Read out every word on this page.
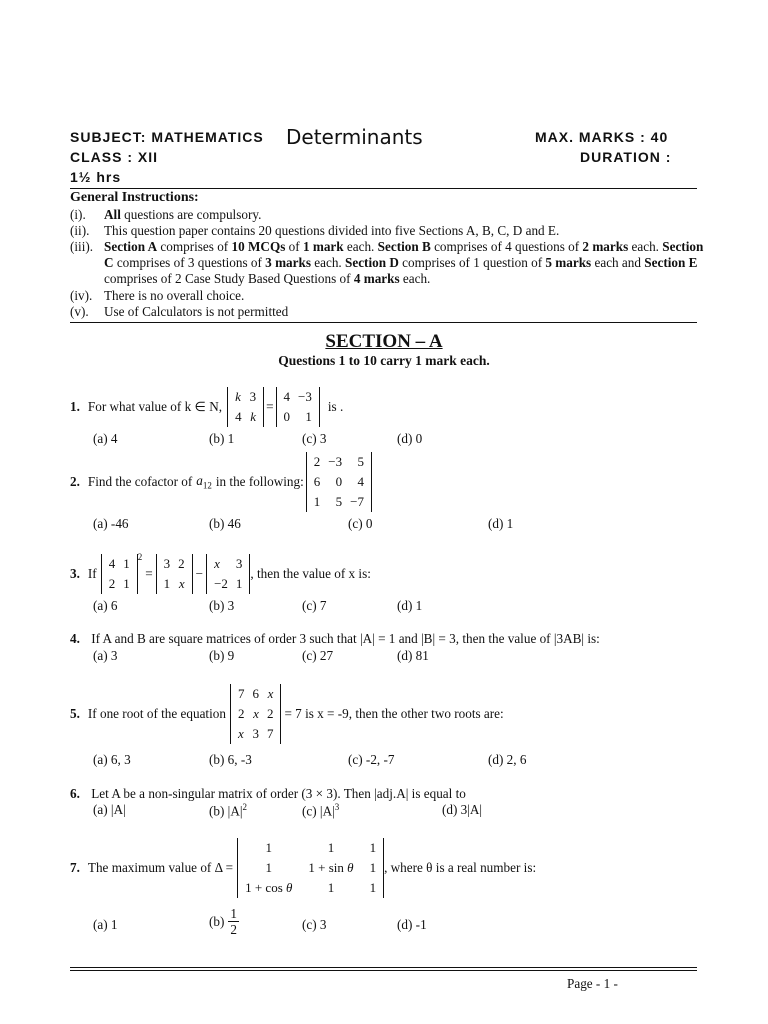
SUBJECT: MATHEMATICS Determinants	MAX. MARKS : 40
CLASS : XII	DURATION :
1½ hrs
General Instructions:
(i). All questions are compulsory.
(ii). This question paper contains 20 questions divided into five Sections A, B, C, D and E.
(iii). Section A comprises of 10 MCQs of 1 mark each. Section B comprises of 4 questions of 2 marks each. Section C comprises of 3 questions of 3 marks each. Section D comprises of 1 question of 5 marks each and Section E comprises of 2 Case Study Based Questions of 4 marks each.
(iv). There is no overall choice.
(v). Use of Calculators is not permitted
SECTION – A
Questions 1 to 10 carry 1 mark each.
1. For what value of k ∈ N,
k	3
4	k
=
4	−3
0	1
is .
(a) 4	(b) 1	(c) 3	(d) 0
2. Find the cofactor of $a_{12}$ in the following:
2	−3	5
6	0	4
1	5	−7
(a) -46	(b) 46	(c) 0	(d) 1
3. If
4	1
2	1
$^2$
=
3	2
1	x
−
x	3
−2	1
, then the value of x is:
(a) 6	(b) 3	(c) 7	(d) 1
4. If A and B are square matrices of order 3 such that |A| = 1 and |B| = 3, then the value of |3AB| is:
(a) 3	(b) 9	(c) 27	(d) 81
5. If one root of the equation
7	6	x
2	x	2
x	3	7
= 7 is x = -9, then the other two roots are:
(a) 6, 3	(b) 6, -3	(c) -2, -7	(d) 2, 6
6. Let A be a non-singular matrix of order (3 × 3). Then |adj.A| is equal to
(a) |A|	(b) $|A|^2$	(c) $|A|^3$	(d) 3|A|
7. The maximum value of Δ =
1	1	1
1	1 + sin θ	1
1 + cos θ	1	1
, where θ is a real number is:
(a) 1	$(b) \frac{1}{2}$	(c) 3	(d) -1
Page - 1 -
